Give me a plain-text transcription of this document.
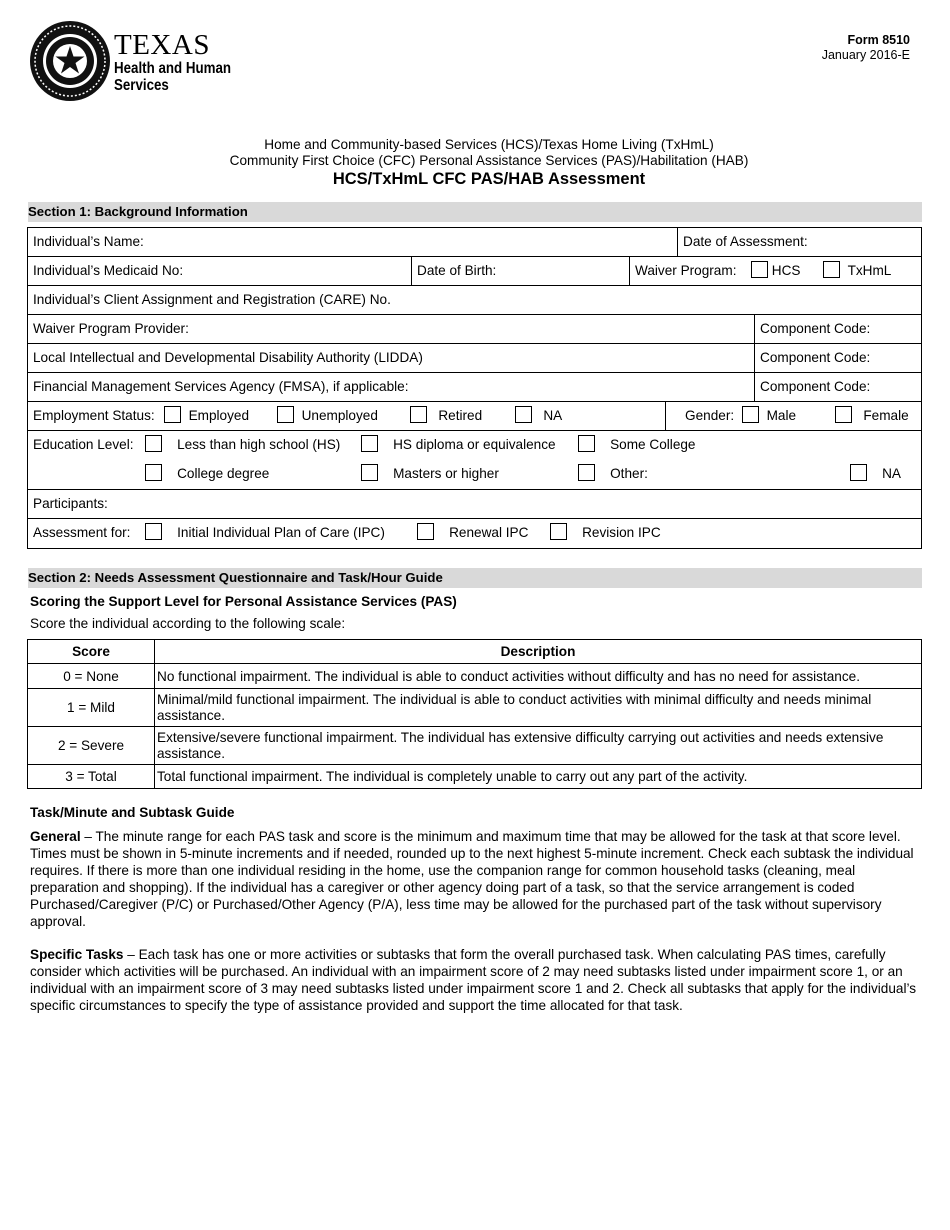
TEXAS
Health and Human
Services
Form 8510
January 2016-E
Home and Community-based Services (HCS)/Texas Home Living (TxHmL)
Community First Choice (CFC) Personal Assistance Services (PAS)/Habilitation (HAB)
HCS/TxHmL CFC PAS/HAB Assessment
Section 1: Background Information
Individual’s Name:	Date of Assessment:
Individual’s Medicaid No:	Date of Birth:	Waiver Program:	HCS	TxHmL
Individual’s Client Assignment and Registration (CARE) No.
Waiver Program Provider:	Component Code:
Local Intellectual and Developmental Disability Authority (LIDDA)	Component Code:
Financial Management Services Agency (FMSA), if applicable:	Component Code:
Employment Status:	Employed	Unemployed	Retired	NA	Gender:	Male	Female
Education Level:	Less than high school (HS)	HS diploma or equivalence	Some College
College degree	Masters or higher	Other:	NA
Participants:
Assessment for:	Initial Individual Plan of Care (IPC)	Renewal IPC	Revision IPC
Section 2: Needs Assessment Questionnaire and Task/Hour Guide
Scoring the Support Level for Personal Assistance Services (PAS)
Score the individual according to the following scale:
Score	Description
0 = None	No functional impairment. The individual is able to conduct activities without difficulty and has no need for assistance.
1 = Mild	Minimal/mild functional impairment. The individual is able to conduct activities with minimal difficulty and needs minimal assistance.
2 = Severe	Extensive/severe functional impairment. The individual has extensive difficulty carrying out activities and needs extensive assistance.
3 = Total	Total functional impairment. The individual is completely unable to carry out any part of the activity.
Task/Minute and Subtask Guide
General – The minute range for each PAS task and score is the minimum and maximum time that may be allowed for the task at that score level. Times must be shown in 5-minute increments and if needed, rounded up to the next highest 5-minute increment. Check each subtask the individual requires. If there is more than one individual residing in the home, use the companion range for common household tasks (cleaning, meal preparation and shopping). If the individual has a caregiver or other agency doing part of a task, so that the service arrangement is coded Purchased/Caregiver (P/C) or Purchased/Other Agency (P/A), less time may be allowed for the purchased part of the task without supervisory approval.
Specific Tasks – Each task has one or more activities or subtasks that form the overall purchased task. When calculating PAS times, carefully consider which activities will be purchased. An individual with an impairment score of 2 may need subtasks listed under impairment score 1, or an individual with an impairment score of 3 may need subtasks listed under impairment score 1 and 2. Check all subtasks that apply for the individual’s specific circumstances to specify the type of assistance provided and support the time allocated for that task.
